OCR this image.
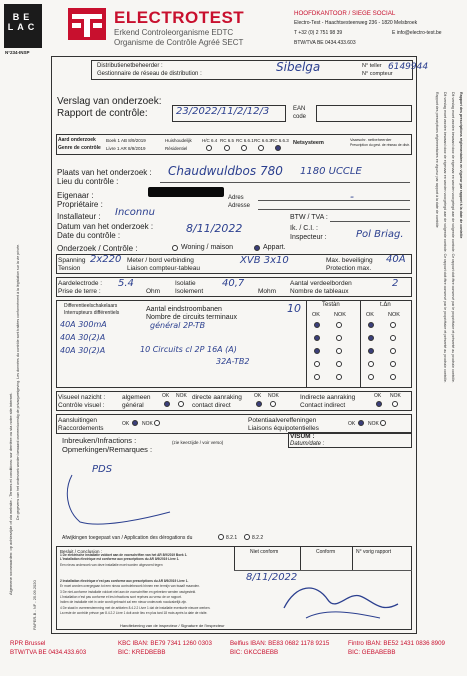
BE LAC
N°234-INSP
ELECTROTEST
Erkend Controleorganisme EDTC
Organisme de Contrôle Agréé SECT
HOOFDKANTOOR / SIEGE SOCIAL
Electro-Test - Haachtsesteenweg 236 - 1820 Melsbroek
T +32 (0) 2 751 98 39	E info@electro-test.be
BTW/TVA BE 0434.433.603
Algemene voorwaarden: op achterzijde of via website - Termes et conditions: sur derrière ou via notre site internet. De gegevens van het onderzoek worden bewaard overeenkomstig de privacywetgeving. Les données du contrôle sont traitées conformément à la législation sur la vie privée.
Rapport des prescriptions réglementaires en vigueur par rapport à la date de contrôle
Dit verslag moet worden bewaard door de eigenaar en worden voorgelegd aan de volgende controle. Ce rapport doit être conservé par le propriétaire et présenté au prochain contrôle.
Dit verslag moet worden bewaard door de eigenaar en worden voorgelegd aan de volgende controle. Ce rapport doit être conservé par le propriétaire et présenté au prochain contrôle.
Rapport des prescriptions réglementaires en vigueur par rapport à la date de contrôle
Distributienetbeheerder :
Gestionnaire de réseau de distribution :	Sibelga	N° teller
N° compteur
6149944
Verslag van onderzoek:
Rapport de contrôle:	23/2022/11/2/12/3	EAN
code
Aard onderzoek
Genre de contrôle
Boek 1 AB 8/9/2019
Livre 1 AR 8/9/2019
Huishoudelijk
Résidentiel
H/C 6.4 RC 6.5 RC 6.6.1 RC 6.6.2 RC 6.6.3 Netsysteem
Vaarschr. netbeheerder
Prescription du gest. de réseau de distr.
Plaats van het onderzoek :
Lieu du contrôle :
Chaudwuldbos 780 1180 UCCLE
Eigenaar :
Propriétaire :
Adres
Adresse
-
Installateur : Inconnu	BTW / TVA :
Datum van het onderzoek :
Date du contrôle :
8/11/2022	Ik. / C.I. :
Inspecteur :	Pol Briag.
Onderzoek / Contrôle :	Woning / maison	Appart.
Spanning
Tension
2x220 Meter / bord verbinding
Liaison compteur-tableau
XVB 3x10	Max. beveiliging
Protection max.
40A
Aardelectrode :
Prise de terre :
5.4
Ohm
Isolatie
Isolement
40,7
Mohm
Aantal verdeelborden
Nombre de tableaux
2
Differentieelschakelaars
Interrupteurs différentiels	Aantal eindstroombanen
Nombre de circuits terminaux
10	Testàn	t.Δn
OK	NOK	OK	NOK
40A 300mA
40A 30(2)A
40A 30(2)A
général 2P-TB
10 Circuits cl 2P 16A (A)
32A-TB2
Visueel nazicht :
Contrôle visuel :
algemeen
général
OK NOK directe aanraking
contact direct
OK NOK	Indirecte aanraking
Contact indirect
OK NOK
Aansluitingen
Raccordements
OK	NOK	Potentiaalvereffeningen
Liaisons équipotentielles
OK	NOK
Inbreuken/Infractions :	(zie keerzijde / voir verso)
Opmerkingen/Remarques :
VISUM :
Datum/date :
PDS
Afwijkingen toegepast van / Application des dérogations du	8.2.1	8.2.2
Besluit / Conclusion :
1 De elektrische installatie voldoet aan de voorschriften van het AR 8/9/2019 Boek 1.
L'installation électrique est conforme aux prescriptions du AR 8/9/2019 Livre 1.
Een nieuw onderzoek van deze installatie moet worden uitgevoerd tegen
2 Installation électrique n'est pas conforme aux prescriptions du AR 8/9/2019 Livre 1.
Er moet worden overgegaan tot een nieuw controlebezoek binnen een termijn van twaalf maanden.
3 De niet-conforme installatie voldoet niet aan de voorschriften en gebreken werden vastgesteld.
L'installation n'est pas conforme et les infractions sont reprises au verso de ce rapport.
Indien de installatie niet in orde wordt gebracht zal een nieuw onderzoek noodzakelijk zijn.
4 De staat in overeenstemming met de artikelen 8.4.2.2 Livre 1 dat de installatie eventuele nieuwe werken.
La reste de contrôle prévue par 8.4.2.2 Livre 1 doit avoir lieu en plus tard 18 mois après la date de visite.
Niet conform	Conform	N° vorig rapport
8/11/2022
Handtekening van de inspecteur / Signature de l'inspecteur
PAPER-B - NF - 25.09.2020
RPR Brussel
BTW/TVA BE 0434.433.603
KBC IBAN: BE79 7341 1260 0303
BIC: KREDBEBB
Belfius IBAN: BE83 0682 1178 9215
BIC: GKCCBEBB
Fintro IBAN: BE52 1431 0836 8909
BIC: GEBABEBB
